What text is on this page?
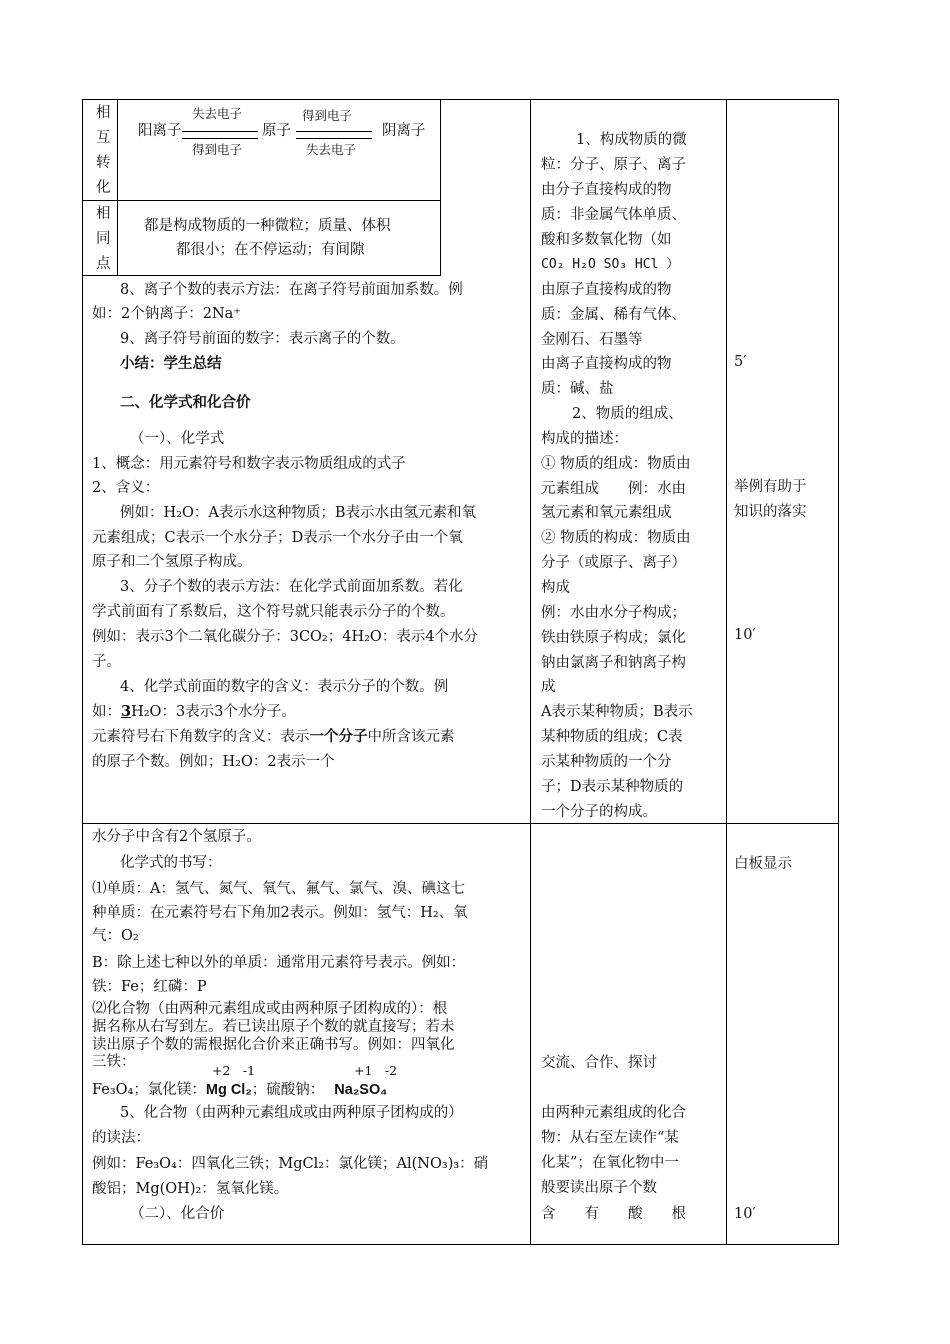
相
互
转
化
相
同
点
失去电子
阳离子
得到电子
原子
得到电子
失去电子
阴离子
都是构成物质的一种微粒；质量、体积
都很小；在不停运动；有间隙
8、离子个数的表示方法：在离子符号前面加系数。例
如：2个钠离子：2Na⁺
9、离子符号前面的数字：表示离子的个数。
小结：学生总结
二、化学式和化合价
（一）、化学式
1、概念：用元素符号和数字表示物质组成的式子
2、含义：
例如：H₂O：A表示水这种物质；B表示水由氢元素和氧
元素组成；C表示一个水分子；D表示一个水分子由一个氧
原子和二个氢原子构成。
3、分子个数的表示方法：在化学式前面加系数。若化
学式前面有了系数后，这个符号就只能表示分子的个数。
例如：表示3个二氧化碳分子：3CO₂；4H₂O：表示4个水分
子。
4、化学式前面的数字的含义：表示分子的个数。例
如：3H₂O：3表示3个水分子。
元素符号右下角数字的含义：表示一个分子中所含该元素
的原子个数。例如；H₂O：2表示一个
1、构成物质的微
粒：分子、原子、离子
由分子直接构成的物
质：非金属气体单质、
酸和多数氧化物（如
CO₂ H₂O SO₃ HCl ）
由原子直接构成的物
质：金属、稀有气体、
金刚石、石墨等
由离子直接构成的物
质：碱、盐
2、物质的组成、
构成的描述：
① 物质的组成：物质由
元素组成　　例：水由
氢元素和氧元素组成
② 物质的构成：物质由
分子（或原子、离子）
构成
例：水由水分子构成；
铁由铁原子构成；氯化
钠由氯离子和钠离子构
成
A表示某种物质；B表示
某种物质的组成；C表
示某种物质的一个分
子；D表示某种物质的
一个分子的构成。
5′
举例有助于
知识的落实
10′
水分子中含有2个氢原子。
化学式的书写：
⑴单质：A：氢气、氮气、氧气、氟气、氯气、溴、碘这七
种单质：在元素符号右下角加2表示。例如：氢气：H₂、氧
气：O₂
B：除上述七种以外的单质：通常用元素符号表示。例如：
铁：Fe；红磷：P
⑵化合物（由两种元素组成或由两种原子团构成的）：根
据名称从右写到左。若已读出原子个数的就直接写；若未
读出原子个数的需根据化合价来正确书写。例如：四氧化
三铁：
+2　-1	+1　-2
Fe₃O₄；氯化镁：Mg Cl₂；硫酸钠： Na₂SO₄
5、化合物（由两种元素组成或由两种原子团构成的）
的读法：
例如：Fe₃O₄：四氧化三铁；MgCl₂：氯化镁；Al(NO₃)₃：硝
酸铝；Mg(OH)₂：氢氧化镁。
（二）、化合价
交流、合作、探讨
由两种元素组成的化合
物：从右至左读作“某
化某”；在氧化物中一
般要读出原子个数
含　　有　　酸　　根
白板显示
10′
